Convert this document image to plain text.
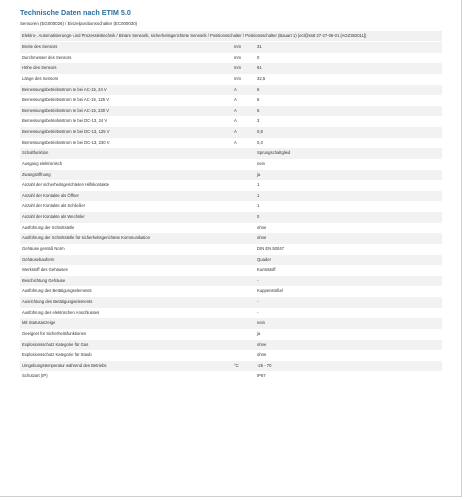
Technische Daten nach ETIM 5.0
Sensoren (EG000026) / Einzelpositionsschalter (EC000030)
Elektro-, Automatisierungs- und Prozessleittechnik / Binäre Sensorik, sicherheitsgerichtete Sensorik / Positionsschalter / Positionsschalter (Bauart 1) (ecl@ss8 27-27-06-01 [AGZ382011])
Breite des Sensors	mm	31
Durchmesser des Sensors	mm	0
Höhe des Sensors	mm	61
Länge des Sensors	mm	32,5
Bemessungsbetriebsstrom Ie bei AC-15, 24 V	A	6
Bemessungsbetriebsstrom Ie bei AC-15, 125 V	A	6
Bemessungsbetriebsstrom Ie bei AC-15, 230 V	A	6
Bemessungsbetriebsstrom Ie bei DC-13, 24 V	A	3
Bemessungsbetriebsstrom Ie bei DC-13, 125 V	A	0,8
Bemessungsbetriebsstrom Ie bei DC-13, 230 V	A	0,3
Schaltfunktion		Sprungschaltglied
Ausgang elektronisch		nein
Zwangsöffnung		ja
Anzahl der sicherheitsgerichteten Hilfskontakte		1
Anzahl der Kontakte als Öffner		1
Anzahl der Kontakte als Schließer		1
Anzahl der Kontakte als Wechsler		0
Ausführung der Schnittstelle		ohne
Ausführung der Schnittstelle für sicherheitsgerichtete Kommunikation		ohne
Gehäuse gemäß Norm		DIN EN 50047
Gehäusebauform		Quader
Werkstoff des Gehäuses		Kunststoff
Beschichtung Gehäuse		-
Ausführung des Betätigungselements		Kuppenstößel
Ausrichtung des Betätigungselements		-
Ausführung des elektrischen Anschlusses		-
Mit Statusanzeige		nein
Geeignet für Sicherheitsfunktionen		ja
Explosionsschutz Kategorie für Gas		ohne
Explosionsschutz Kategorie für Staub		ohne
Umgebungstemperatur während des Betriebs	°C	-25 - 70
Schutzart (IP)		IP67
